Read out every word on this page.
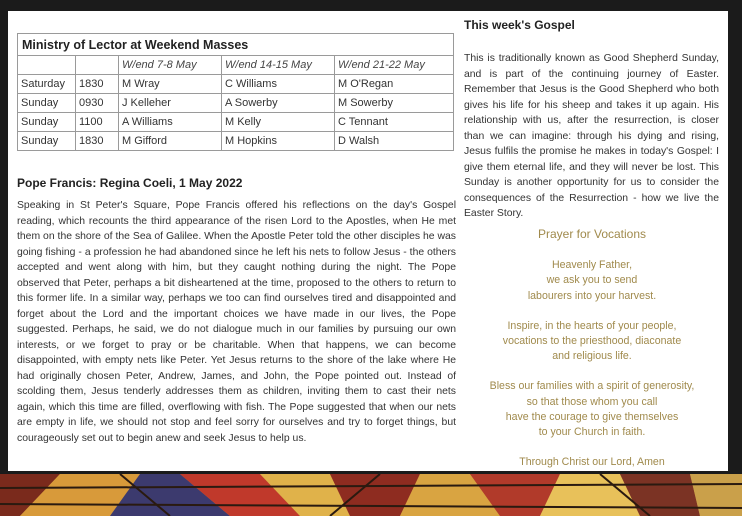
Ministry of Lector at Weekend Masses				
		W/end 7-8 May	W/end 14-15 May	W/end 21-22 May
Saturday	1830	M Wray	C Williams	M O'Regan
Sunday	0930	J Kelleher	A Sowerby	M Sowerby
Sunday	1100	A Williams	M Kelly	C Tennant
Sunday	1830	M Gifford	M Hopkins	D Walsh
Pope Francis: Regina Coeli, 1 May 2022

Speaking in St Peter's Square, Pope Francis offered his reflections on the day's Gospel reading, which recounts the third appearance of the risen Lord to the Apostles, when He met them on the shore of the Sea of Galilee. When the Apostle Peter told the other disciples he was going fishing - a profession he had abandoned since he left his nets to follow Jesus - the others accepted and went along with him, but they caught nothing during the night. The Pope observed that Peter, perhaps a bit disheartened at the time, proposed to the others to return to this former life. In a similar way, perhaps we too can find ourselves tired and disappointed and forget about the Lord and the important choices we have made in our lives, the Pope suggested. Perhaps, he said, we do not dialogue much in our families by pursuing our own interests, or we forget to pray or be charitable. When that happens, we can become disappointed, with empty nets like Peter. Yet Jesus returns to the shore of the lake where He had originally chosen Peter, Andrew, James, and John, the Pope pointed out. Instead of scolding them, Jesus tenderly addresses them as children, inviting them to cast their nets again, which this time are filled, overflowing with fish. The Pope suggested that when our nets are empty in life, we should not stop and feel sorry for ourselves and try to forget things, but courageously set out to begin anew and seek Jesus to help us.

This week's Gospel

This is traditionally known as Good Shepherd Sunday, and is part of the continuing journey of Easter. Remember that Jesus is the Good Shepherd who both gives his life for his sheep and takes it up again. His relationship with us, after the resurrection, is closer than we can imagine: through his dying and rising, Jesus fulfils the promise he makes in today's Gospel: I give them eternal life, and they will never be lost. This Sunday is another opportunity for us to consider the consequences of the Resurrection - how we live the Easter Story.

Prayer for Vocations
Heavenly Father,
we ask you to send
labourers into your harvest.
Inspire, in the hearts of your people,
vocations to the priesthood, diaconate
and religious life.
Bless our families with a spirit of generosity,
so that those whom you call
have the courage to give themselves
to your Church in faith.
Through Christ our Lord, Amen
